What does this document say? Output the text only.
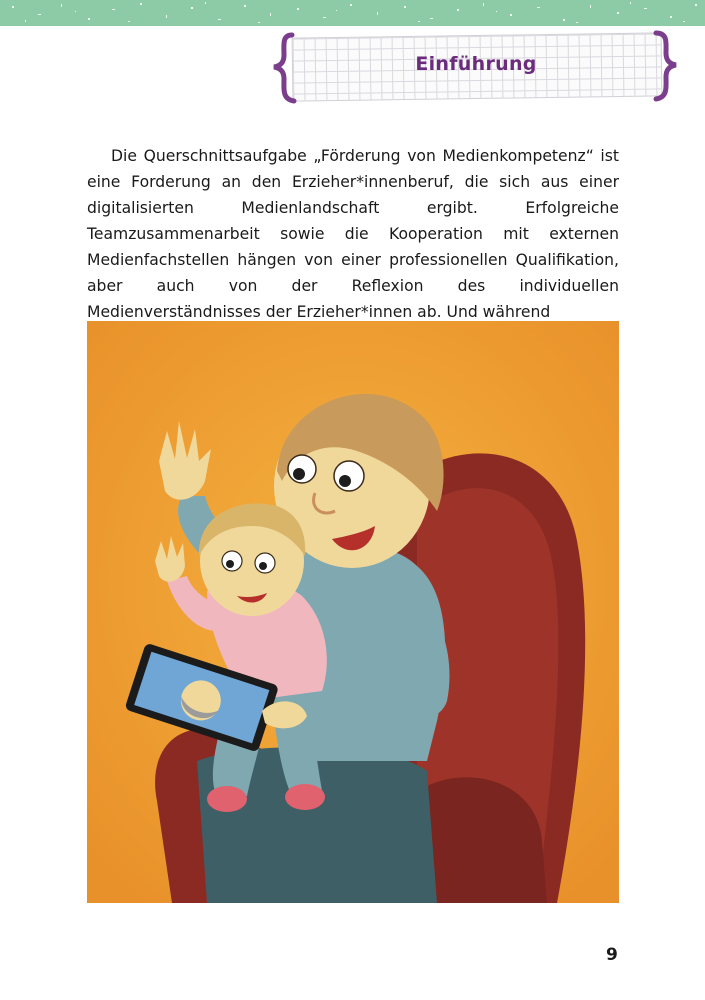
Einführung

Die Querschnittsaufgabe „Förderung von Medienkompetenz“ ist eine Forderung an den Erzieher*innenberuf, die sich aus einer digitalisierten Medienlandschaft ergibt. Erfolgreiche Teamzusammenarbeit sowie die Kooperation mit externen Medienfachstellen hängen von einer professionellen Qualifikation, aber auch von der Reflexion des individuellen Medienverständnisses der Erzieher*innen ab. Und während

9
